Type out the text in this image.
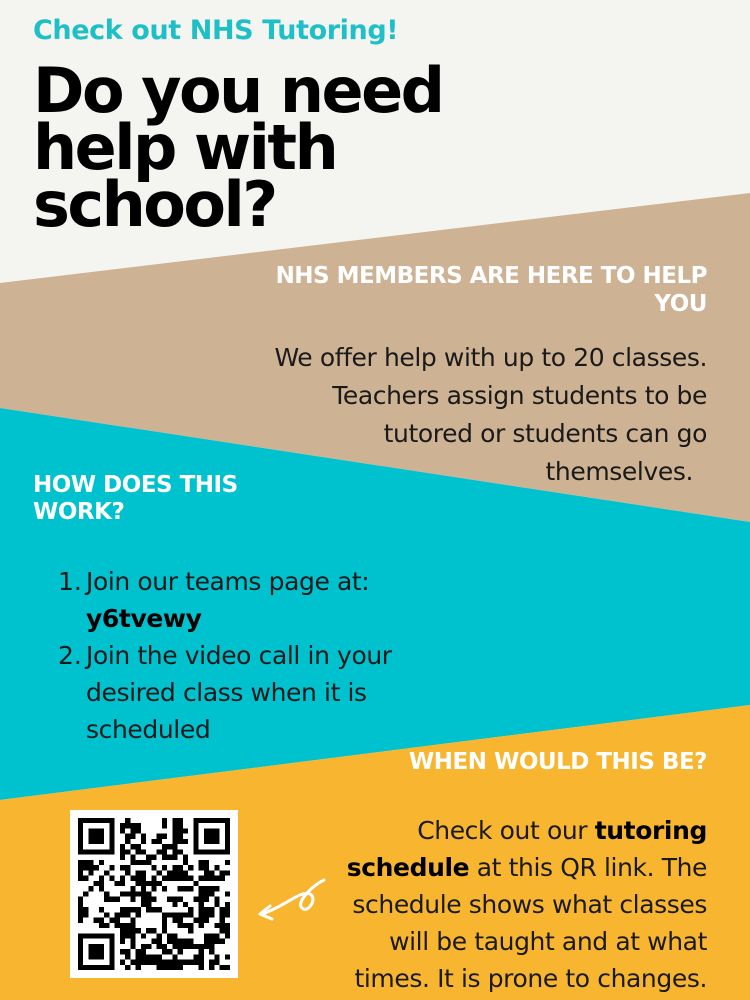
Check out NHS Tutoring!

Do you need
help with
school?
NHS MEMBERS ARE HERE TO HELP YOU
We offer help with up to 20 classes.
Teachers assign students to be
tutored or students can go
themselves.
HOW DOES THIS WORK?
1. Join our teams page at:
y6tvewy
2. Join the video call in your
desired class when it is
scheduled
WHEN WOULD THIS BE?
Check out our tutoring
schedule at this QR link. The
schedule shows what classes
will be taught and at what
times. It is prone to changes.
